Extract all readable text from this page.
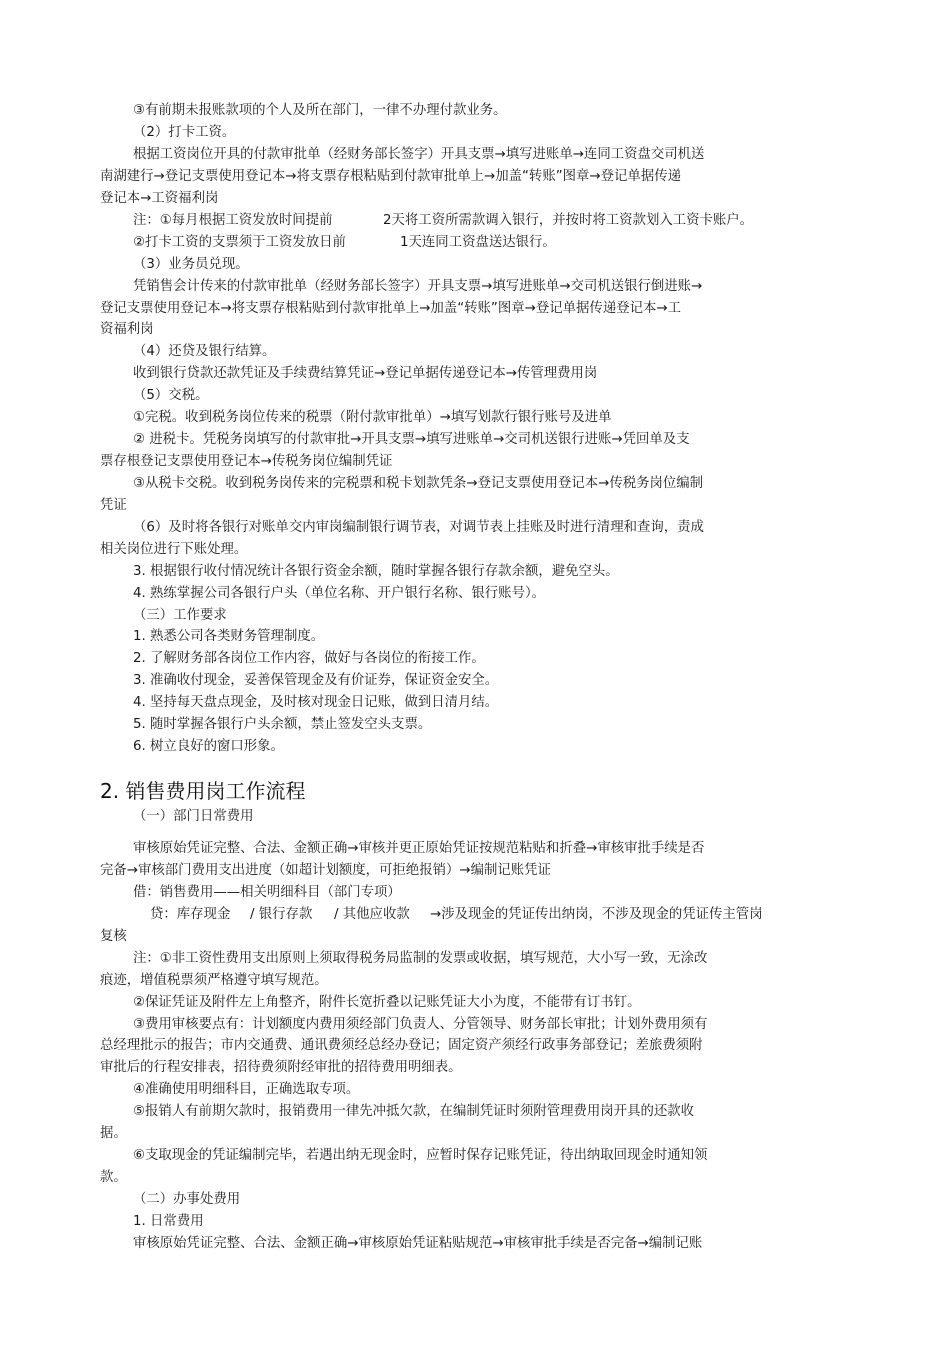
③有前期未报账款项的个人及所在部门，一律不办理付款业务。
（2）打卡工资。
根据工资岗位开具的付款审批单（经财务部长签字）开具支票→填写进账单→连同工资盘交司机送
南湖建行→登记支票使用登记本→将支票存根粘贴到付款审批单上→加盖“转账”图章→登记单据传递
登记本→工资福利岗
注：①每月根据工资发放时间提前	2天将工资所需款调入银行，并按时将工资款划入工资卡账户。
②打卡工资的支票须于工资发放日前	1天连同工资盘送达银行。
（3）业务员兑现。
凭销售会计传来的付款审批单（经财务部长签字）开具支票→填写进账单→交司机送银行倒进账→
登记支票使用登记本→将支票存根粘贴到付款审批单上→加盖“转账”图章→登记单据传递登记本→工
资福利岗
（4）还贷及银行结算。
收到银行贷款还款凭证及手续费结算凭证→登记单据传递登记本→传管理费用岗
（5）交税。
①完税。收到税务岗位传来的税票（附付款审批单）→填写划款行银行账号及进单
② 进税卡。凭税务岗填写的付款审批→开具支票→填写进账单→交司机送银行进账→凭回单及支
票存根登记支票使用登记本→传税务岗位编制凭证
③从税卡交税。收到税务岗传来的完税票和税卡划款凭条→登记支票使用登记本→传税务岗位编制
凭证
（6）及时将各银行对账单交内审岗编制银行调节表，对调节表上挂账及时进行清理和查询，责成
相关岗位进行下账处理。
3. 根据银行收付情况统计各银行资金余额，随时掌握各银行存款余额，避免空头。
4. 熟练掌握公司各银行户头（单位名称、开户银行名称、银行账号）。
（三）工作要求
1. 熟悉公司各类财务管理制度。
2. 了解财务部各岗位工作内容，做好与各岗位的衔接工作。
3. 准确收付现金，妥善保管现金及有价证券，保证资金安全。
4. 坚持每天盘点现金，及时核对现金日记账，做到日清月结。
5. 随时掌握各银行户头余额，禁止签发空头支票。
6. 树立良好的窗口形象。
2. 销售费用岗工作流程
（一）部门日常费用
审核原始凭证完整、合法、金额正确→审核并更正原始凭证按规范粘贴和折叠→审核审批手续是否
完备→审核部门费用支出进度（如超计划额度，可拒绝报销）→编制记账凭证
借：销售费用——相关明细科目（部门专项）
贷：库存现金 / 银行存款 / 其他应收款 →涉及现金的凭证传出纳岗，不涉及现金的凭证传主管岗
复核
注：①非工资性费用支出原则上须取得税务局监制的发票或收据，填写规范，大小写一致，无涂改
痕迹，增值税票须严格遵守填写规范。
②保证凭证及附件左上角整齐，附件长宽折叠以记账凭证大小为度，不能带有订书钉。
③费用审核要点有：计划额度内费用须经部门负责人、分管领导、财务部长审批；计划外费用须有
总经理批示的报告；市内交通费、通讯费须经总经办登记；固定资产须经行政事务部登记；差旅费须附
审批后的行程安排表，招待费须附经审批的招待费用明细表。
④准确使用明细科目，正确选取专项。
⑤报销人有前期欠款时，报销费用一律先冲抵欠款，在编制凭证时须附管理费用岗开具的还款收
据。
⑥支取现金的凭证编制完毕，若遇出纳无现金时，应暂时保存记账凭证，待出纳取回现金时通知领
款。
（二）办事处费用
1. 日常费用
审核原始凭证完整、合法、金额正确→审核原始凭证粘贴规范→审核审批手续是否完备→编制记账
